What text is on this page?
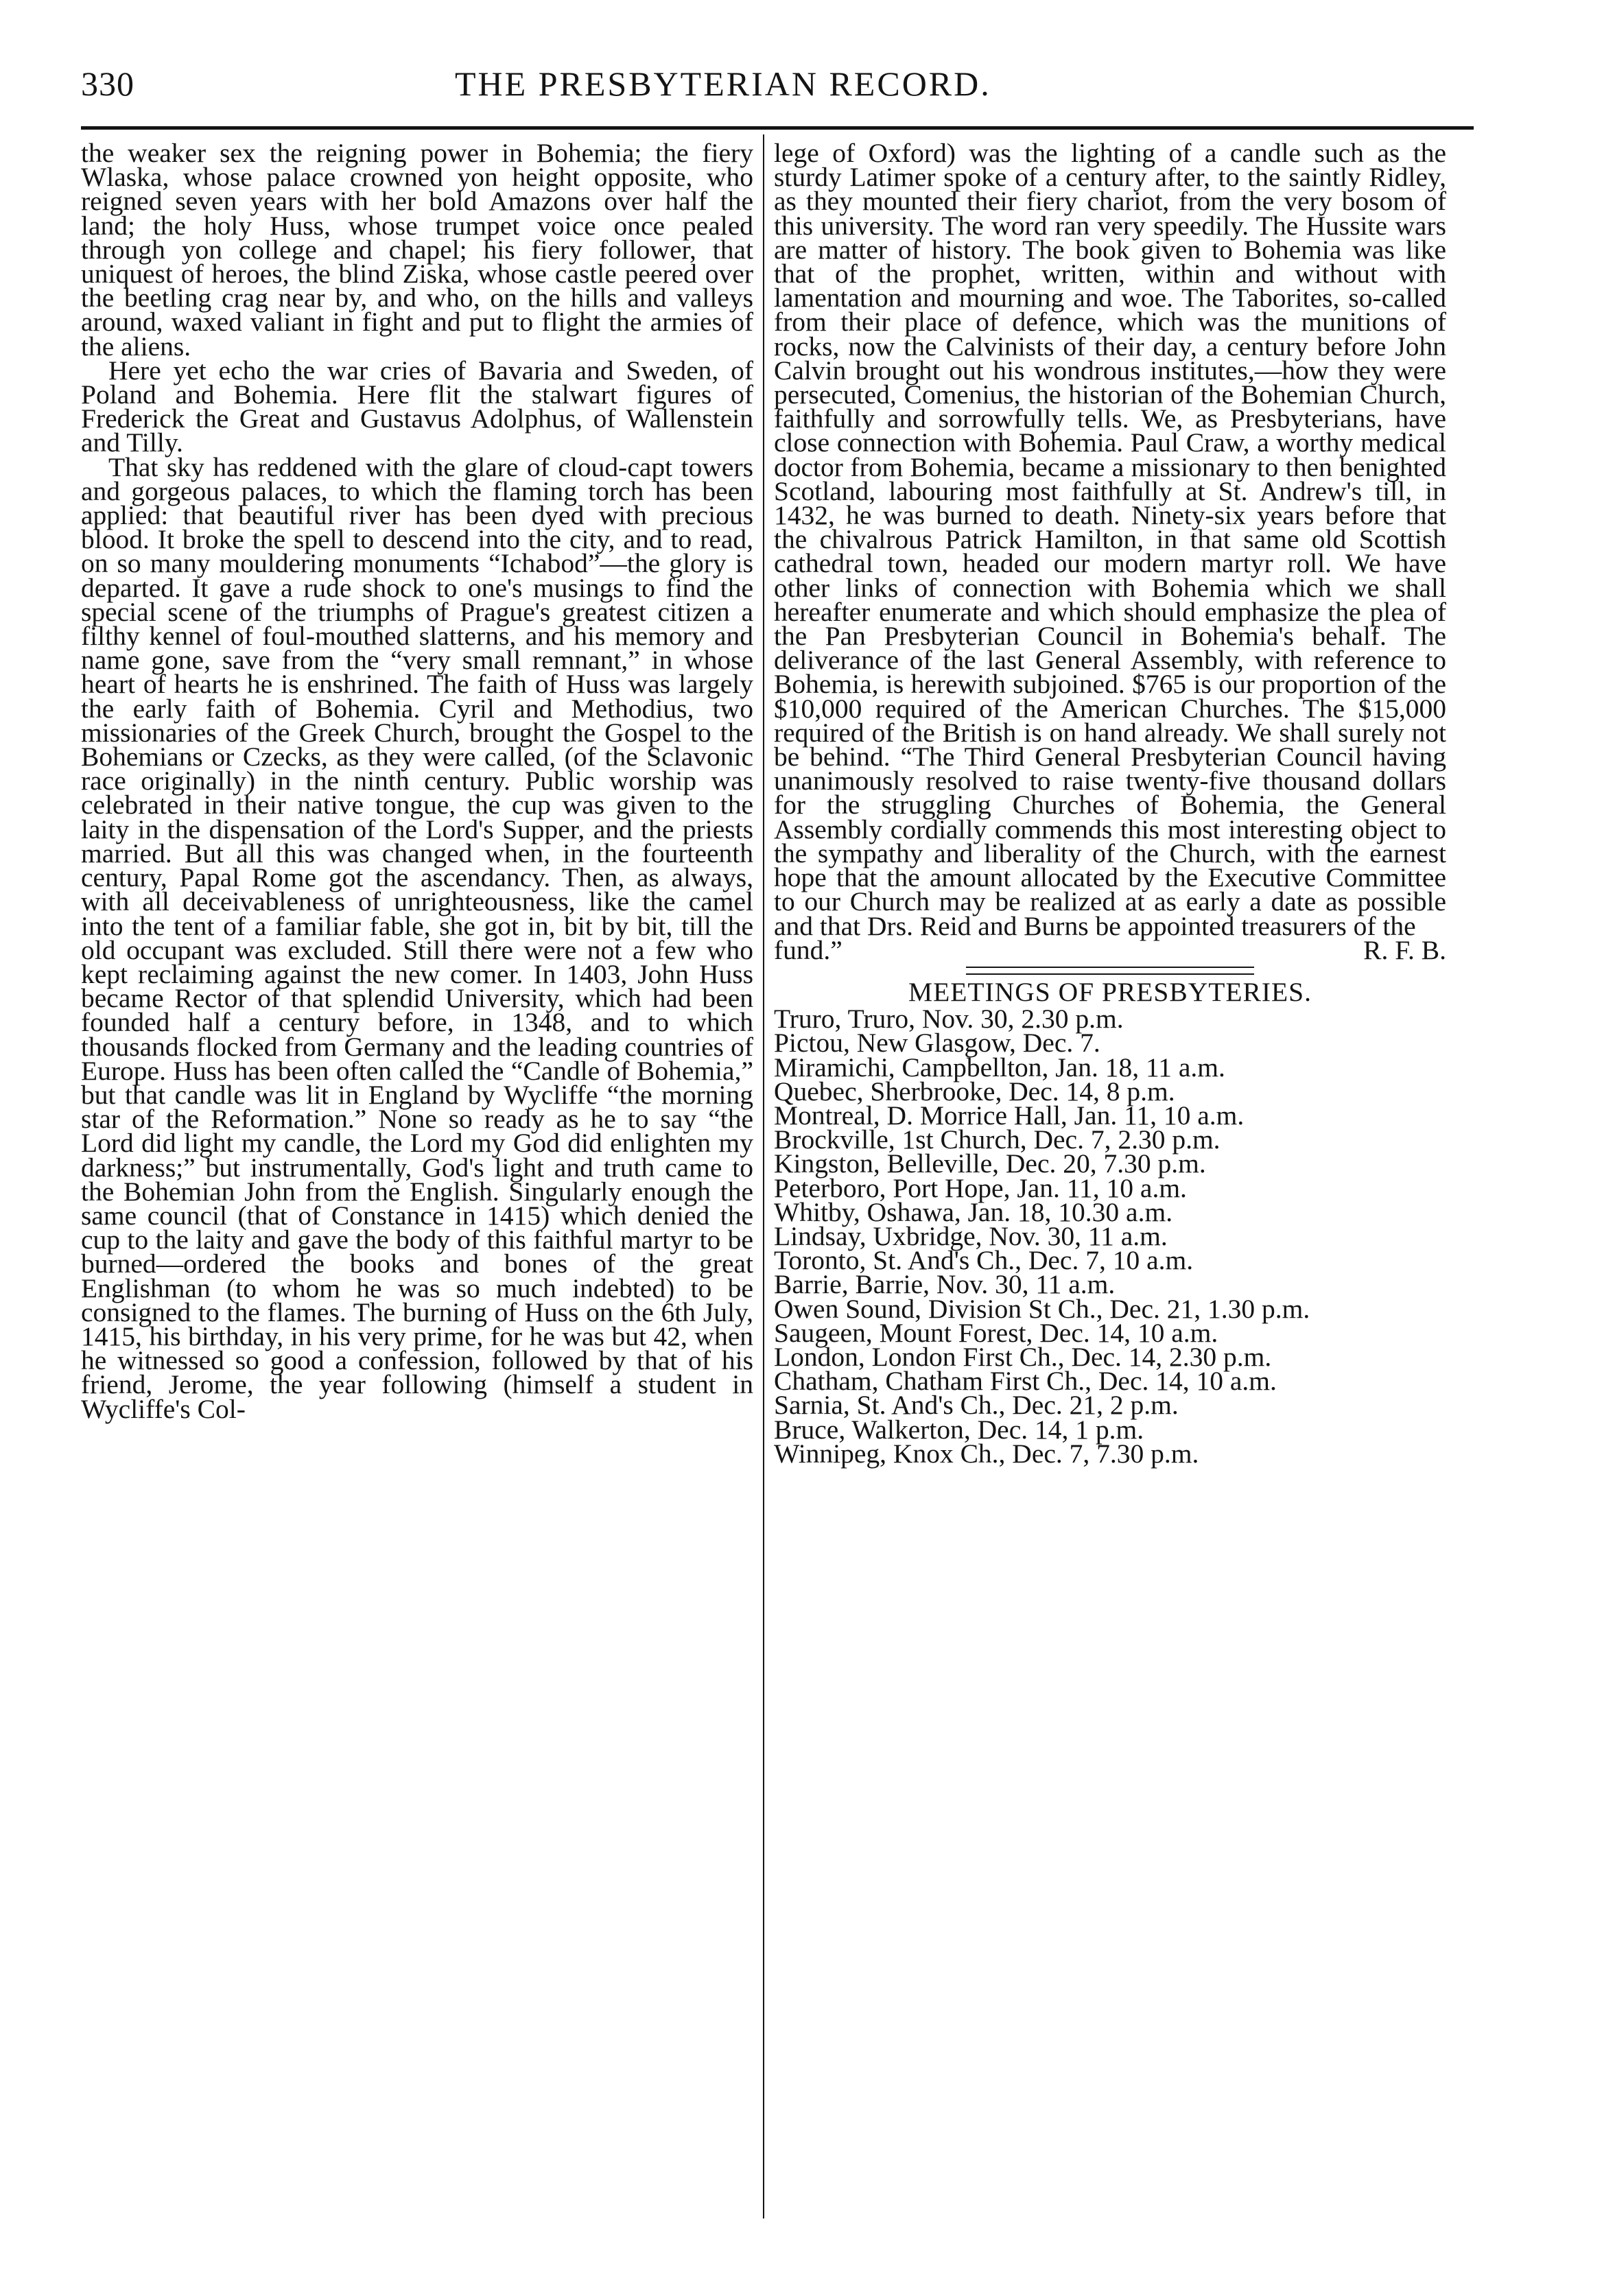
330	THE PRESBYTERIAN RECORD.

the weaker sex the reigning power in Bohemia; the fiery Wlaska, whose palace crowned yon height opposite, who reigned seven years with her bold Amazons over half the land; the holy Huss, whose trumpet voice once pealed through yon college and chapel; his fiery follower, that uniquest of heroes, the blind Ziska, whose castle peered over the beetling crag near by, and who, on the hills and valleys around, waxed valiant in fight and put to flight the armies of the aliens.

Here yet echo the war cries of Bavaria and Sweden, of Poland and Bohemia. Here flit the stalwart figures of Frederick the Great and Gustavus Adolphus, of Wallenstein and Tilly.

That sky has reddened with the glare of cloud-capt towers and gorgeous palaces, to which the flaming torch has been applied: that beautiful river has been dyed with precious blood. It broke the spell to descend into the city, and to read, on so many mouldering monuments “Ichabod”—the glory is departed. It gave a rude shock to one's musings to find the special scene of the triumphs of Prague's greatest citizen a filthy kennel of foul-mouthed slatterns, and his memory and name gone, save from the “very small remnant,” in whose heart of hearts he is enshrined. The faith of Huss was largely the early faith of Bohemia. Cyril and Methodius, two missionaries of the Greek Church, brought the Gospel to the Bohemians or Czecks, as they were called, (of the Sclavonic race originally) in the ninth century. Public worship was celebrated in their native tongue, the cup was given to the laity in the dispensation of the Lord's Supper, and the priests married. But all this was changed when, in the fourteenth century, Papal Rome got the ascendancy. Then, as always, with all deceivableness of unrighteousness, like the camel into the tent of a familiar fable, she got in, bit by bit, till the old occupant was excluded. Still there were not a few who kept reclaiming against the new comer. In 1403, John Huss became Rector of that splendid University, which had been founded half a century before, in 1348, and to which thousands flocked from Germany and the leading countries of Europe. Huss has been often called the “Candle of Bohemia,” but that candle was lit in England by Wycliffe “the morning star of the Reformation.” None so ready as he to say “the Lord did light my candle, the Lord my God did enlighten my darkness;” but instrumentally, God's light and truth came to the Bohemian John from the English. Singularly enough the same council (that of Constance in 1415) which denied the cup to the laity and gave the body of this faithful martyr to be burned—ordered the books and bones of the great Englishman (to whom he was so much indebted) to be consigned to the flames. The burning of Huss on the 6th July, 1415, his birthday, in his very prime, for he was but 42, when he witnessed so good a confession, followed by that of his friend, Jerome, the year following (himself a student in Wycliffe's Col-

lege of Oxford) was the lighting of a candle such as the sturdy Latimer spoke of a century after, to the saintly Ridley, as they mounted their fiery chariot, from the very bosom of this university. The word ran very speedily. The Hussite wars are matter of history. The book given to Bohemia was like that of the prophet, written, within and without with lamentation and mourning and woe. The Taborites, so-called from their place of defence, which was the munitions of rocks, now the Calvinists of their day, a century before John Calvin brought out his wondrous institutes,—how they were persecuted, Comenius, the historian of the Bohemian Church, faithfully and sorrowfully tells. We, as Presbyterians, have close connection with Bohemia. Paul Craw, a worthy medical doctor from Bohemia, became a missionary to then benighted Scotland, labouring most faithfully at St. Andrew's till, in 1432, he was burned to death. Ninety-six years before that the chivalrous Patrick Hamilton, in that same old Scottish cathedral town, headed our modern martyr roll. We have other links of connection with Bohemia which we shall hereafter enumerate and which should emphasize the plea of the Pan Presbyterian Council in Bohemia's behalf. The deliverance of the last General Assembly, with reference to Bohemia, is herewith subjoined. $765 is our proportion of the $10,000 required of the American Churches. The $15,000 required of the British is on hand already. We shall surely not be behind. “The Third General Presbyterian Council having unanimously resolved to raise twenty-five thousand dollars for the struggling Churches of Bohemia, the General Assembly cordially commends this most interesting object to the sympathy and liberality of the Church, with the earnest hope that the amount allocated by the Executive Committee to our Church may be realized at as early a date as possible and that Drs. Reid and Burns be appointed treasurers of the

fund.”	R. F. B.
MEETINGS OF PRESBYTERIES.
Truro, Truro, Nov. 30, 2.30 p.m.
Pictou, New Glasgow, Dec. 7.
Miramichi, Campbellton, Jan. 18, 11 a.m.
Quebec, Sherbrooke, Dec. 14, 8 p.m.
Montreal, D. Morrice Hall, Jan. 11, 10 a.m.
Brockville, 1st Church, Dec. 7, 2.30 p.m.
Kingston, Belleville, Dec. 20, 7.30 p.m.
Peterboro, Port Hope, Jan. 11, 10 a.m.
Whitby, Oshawa, Jan. 18, 10.30 a.m.
Lindsay, Uxbridge, Nov. 30, 11 a.m.
Toronto, St. And's Ch., Dec. 7, 10 a.m.
Barrie, Barrie, Nov. 30, 11 a.m.
Owen Sound, Division St Ch., Dec. 21, 1.30 p.m.
Saugeen, Mount Forest, Dec. 14, 10 a.m.
London, London First Ch., Dec. 14, 2.30 p.m.
Chatham, Chatham First Ch., Dec. 14, 10 a.m.
Sarnia, St. And's Ch., Dec. 21, 2 p.m.
Bruce, Walkerton, Dec. 14, 1 p.m.
Winnipeg, Knox Ch., Dec. 7, 7.30 p.m.
